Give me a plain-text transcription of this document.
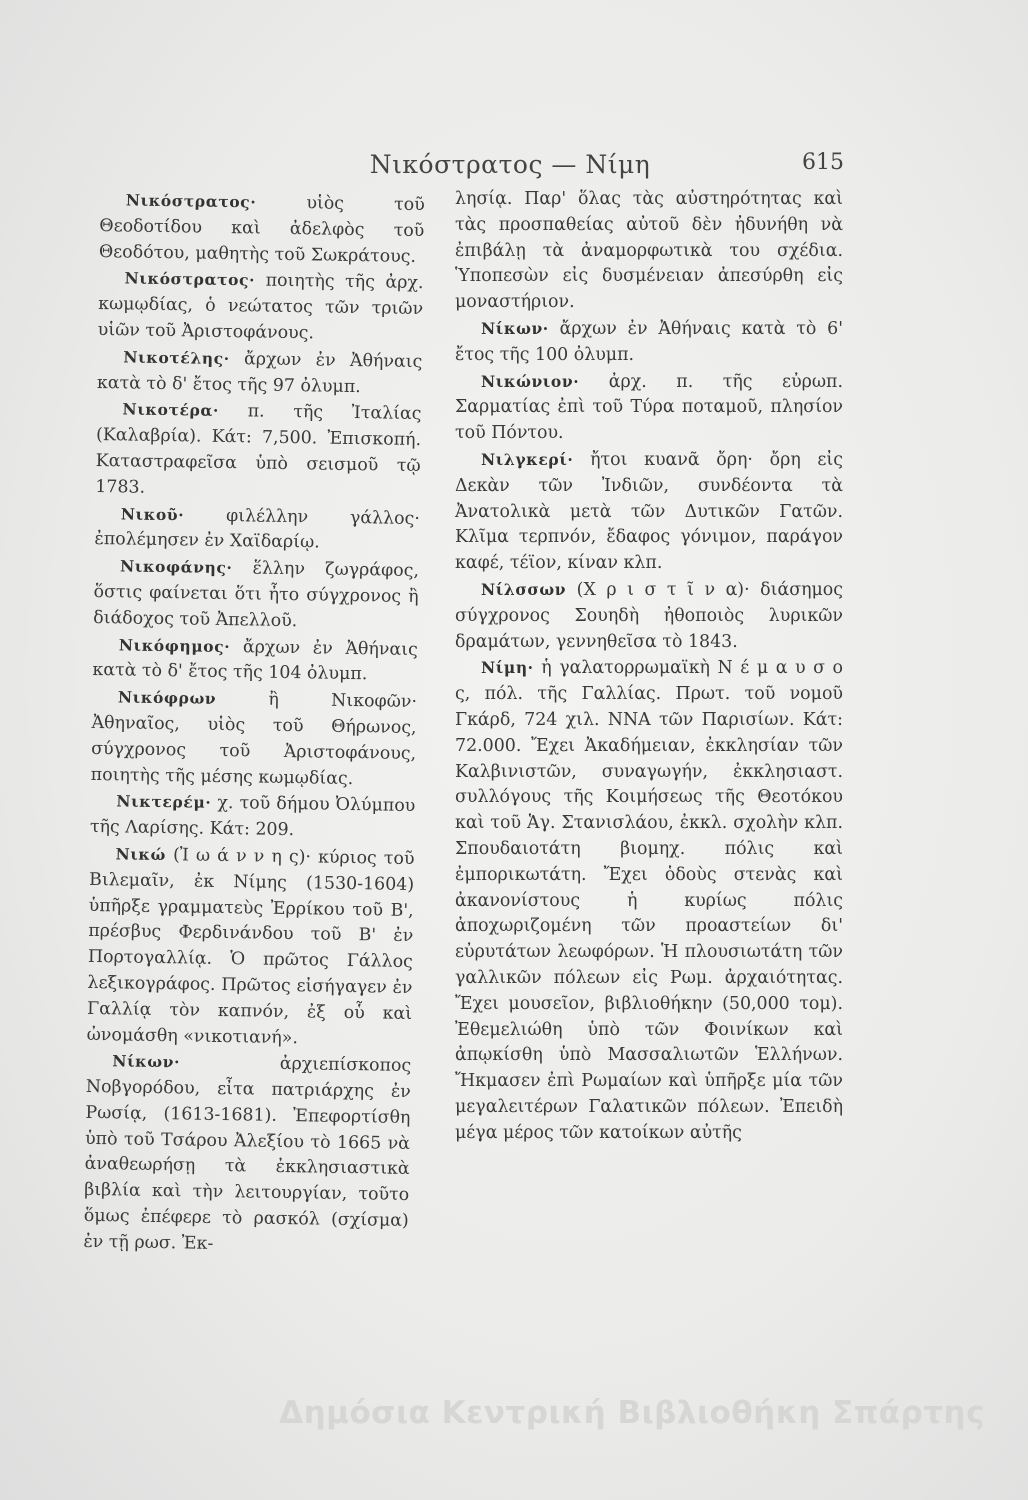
Νικόστρατος — Νίμη	615

Νικόστρατος· υἱὸς τοῦ Θεοδοτίδου καὶ ἀδελφὸς τοῦ Θεοδότου, μαθητὴς τοῦ Σωκράτους.

Νικόστρατος· ποιητὴς τῆς ἀρχ. κωμῳδίας, ὁ νεώτατος τῶν τριῶν υἱῶν τοῦ Ἀριστοφάνους.

Νικοτέλης· ἄρχων ἐν Ἀθήναις κατὰ τὸ δ' ἔτος τῆς 97 ὀλυμπ.

Νικοτέρα· π. τῆς Ἰταλίας (Καλαβρία). Κάτ: 7,500. Ἐπισκοπή. Καταστραφεῖσα ὑπὸ σεισμοῦ τῷ 1783.

Νικοῦ· φιλέλλην γάλλος· ἐπολέμησεν ἐν Χαϊδαρίῳ.

Νικοφάνης· ἕλλην ζωγράφος, ὅστις φαίνεται ὅτι ἦτο σύγχρονος ἢ διάδοχος τοῦ Ἀπελλοῦ.

Νικόφημος· ἄρχων ἐν Ἀθήναις κατὰ τὸ δ' ἔτος τῆς 104 ὀλυμπ.

Νικόφρων ἢ Νικοφῶν· Ἀθηναῖος, υἱὸς τοῦ Θήρωνος, σύγχρονος τοῦ Ἀριστοφάνους, ποιητὴς τῆς μέσης κωμῳδίας.

Νικτερέμ· χ. τοῦ δήμου Ὀλύμπου τῆς Λαρίσης. Κάτ: 209.

Νικώ (Ἰ ω ά ν ν η ς)· κύριος τοῦ Βιλεμαῖν, ἐκ Νίμης (1530-1604) ὑπῆρξε γραμματεὺς Ἐρρίκου τοῦ Β', πρέσβυς Φερδινάνδου τοῦ Β' ἐν Πορτογαλλίᾳ. Ὁ πρῶτος Γάλλος λεξικογράφος. Πρῶτος εἰσήγαγεν ἐν Γαλλίᾳ τὸν καπνόν, ἐξ οὗ καὶ ὠνομάσθη «νικοτιανή».

Νίκων· ἀρχιεπίσκοπος Νοβγορόδου, εἶτα πατριάρχης ἐν Ρωσίᾳ, (1613-1681). Ἐπεφορτίσθη ὑπὸ τοῦ Τσάρου Ἀλεξίου τὸ 1665 νὰ ἀναθεωρήσῃ τὰ ἐκκλησιαστικὰ βιβλία καὶ τὴν λειτουργίαν, τοῦτο ὅμως ἐπέφερε τὸ ρασκόλ (σχίσμα) ἐν τῇ ρωσ. Ἐκ-

λησίᾳ. Παρ' ὅλας τὰς αὐστηρότητας καὶ τὰς προσπαθείας αὐτοῦ δὲν ἠδυνήθη νὰ ἐπιβάλῃ τὰ ἀναμορφωτικὰ του σχέδια. Ὑποπεσὼν εἰς δυσμένειαν ἀπεσύρθη εἰς μοναστήριον.

Νίκων· ἄρχων ἐν Ἀθήναις κατὰ τὸ 6' ἔτος τῆς 100 ὀλυμπ.

Νικώνιον· ἀρχ. π. τῆς εὐρωπ. Σαρματίας ἐπὶ τοῦ Τύρα ποταμοῦ, πλησίον τοῦ Πόντου.

Νιλγκερί· ἤτοι κυανᾶ ὄρη· ὄρη εἰς Δεκὰν τῶν Ἰνδιῶν, συνδέοντα τὰ Ἀνατολικὰ μετὰ τῶν Δυτικῶν Γατῶν. Κλῖμα τερπνόν, ἔδαφος γόνιμον, παράγον καφέ, τέϊον, κίναν κλπ.

Νίλσσων (Χ ρ ι σ τ ῖ ν α)· διάσημος σύγχρονος Σουηδὴ ἠθοποιὸς λυρικῶν δραμάτων, γεννηθεῖσα τὸ 1843.

Νίμη· ἡ γαλατορρωμαϊκὴ Ν έ μ α υ σ ο ς, πόλ. τῆς Γαλλίας. Πρωτ. τοῦ νομοῦ Γκάρδ, 724 χιλ. ΝΝΑ τῶν Παρισίων. Κάτ: 72.000. Ἔχει Ἀκαδήμειαν, ἐκκλησίαν τῶν Καλβινιστῶν, συναγωγήν, ἐκκλησιαστ. συλλόγους τῆς Κοιμήσεως τῆς Θεοτόκου καὶ τοῦ Ἁγ. Στανισλάου, ἐκκλ. σχολὴν κλπ. Σπουδαιοτάτη βιομηχ. πόλις καὶ ἐμπορικωτάτη. Ἔχει ὁδοὺς στενὰς καὶ ἀκανονίστους ἡ κυρίως πόλις ἀποχωριζομένη τῶν προαστείων δι' εὐρυτάτων λεωφόρων. Ἡ πλουσιωτάτη τῶν γαλλικῶν πόλεων εἰς Ρωμ. ἀρχαιότητας. Ἔχει μουσεῖον, βιβλιοθήκην (50,000 τομ). Ἐθεμελιώθη ὑπὸ τῶν Φοινίκων καὶ ἀπῳκίσθη ὑπὸ Μασσαλιωτῶν Ἑλλήνων. Ἤκμασεν ἐπὶ Ρωμαίων καὶ ὑπῆρξε μία τῶν μεγαλειτέρων Γαλατικῶν πόλεων. Ἐπειδὴ μέγα μέρος τῶν κατοίκων αὐτῆς

Δημόσια Κεντρική Βιβλιοθήκη Σπάρτης
